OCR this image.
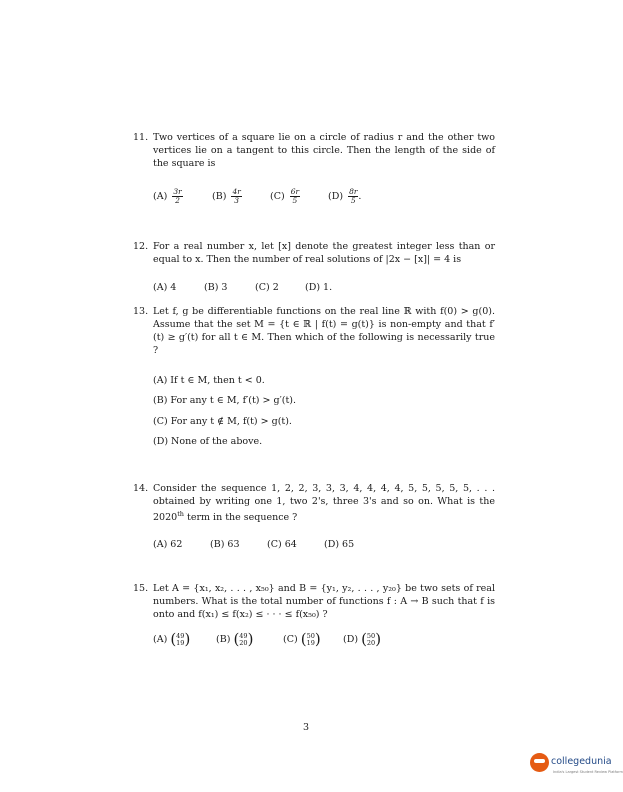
11. Two vertices of a square lie on a circle of radius r and the other two vertices lie on a tangent to this circle. Then the length of the side of the square is
$(A) \frac{3r}{2}$	$(B) \frac{4r}{3}$	$(C) \frac{6r}{5}$	$(D) \frac{8r}{5}$ .
12. For a real number x, let [x] denote the greatest integer less than or equal to x. Then the number of real solutions of |2x − [x]| = 4 is
(A) 4	(B) 3	(C) 2	(D) 1.
13. Let f, g be differentiable functions on the real line ℝ with f(0) > g(0). Assume that the set M = {t ∈ ℝ | f(t) = g(t)} is non-empty and that f′(t) ≥ g′(t) for all t ∈ M. Then which of the following is necessarily true ?
(A) If t ∈ M, then t < 0.
(B) For any t ∈ M, f′(t) > g′(t).
(C) For any t ∉ M, f(t) > g(t).
(D) None of the above.
14. Consider the sequence 1, 2, 2, 3, 3, 3, 4, 4, 4, 4, 5, 5, 5, 5, 5, . . . obtained by writing one 1, two 2's, three 3's and so on. What is the 2020th term in the sequence ?
(A) 62	(B) 63	(C) 64	(D) 65
15. Let A = {x₁, x₂, . . . , x₅₀} and B = {y₁, y₂, . . . , y₂₀} be two sets of real numbers. What is the total number of functions f : A → B such that f is onto and f(x₁) ≤ f(x₂) ≤ · · · ≤ f(x₅₀) ?
(A) ( 49
19 )	(B) ( 49
20 )	(C) ( 50
19 ) (D) ( 50
20 )
3
collegedunia
India's Largest Student Review Platform
